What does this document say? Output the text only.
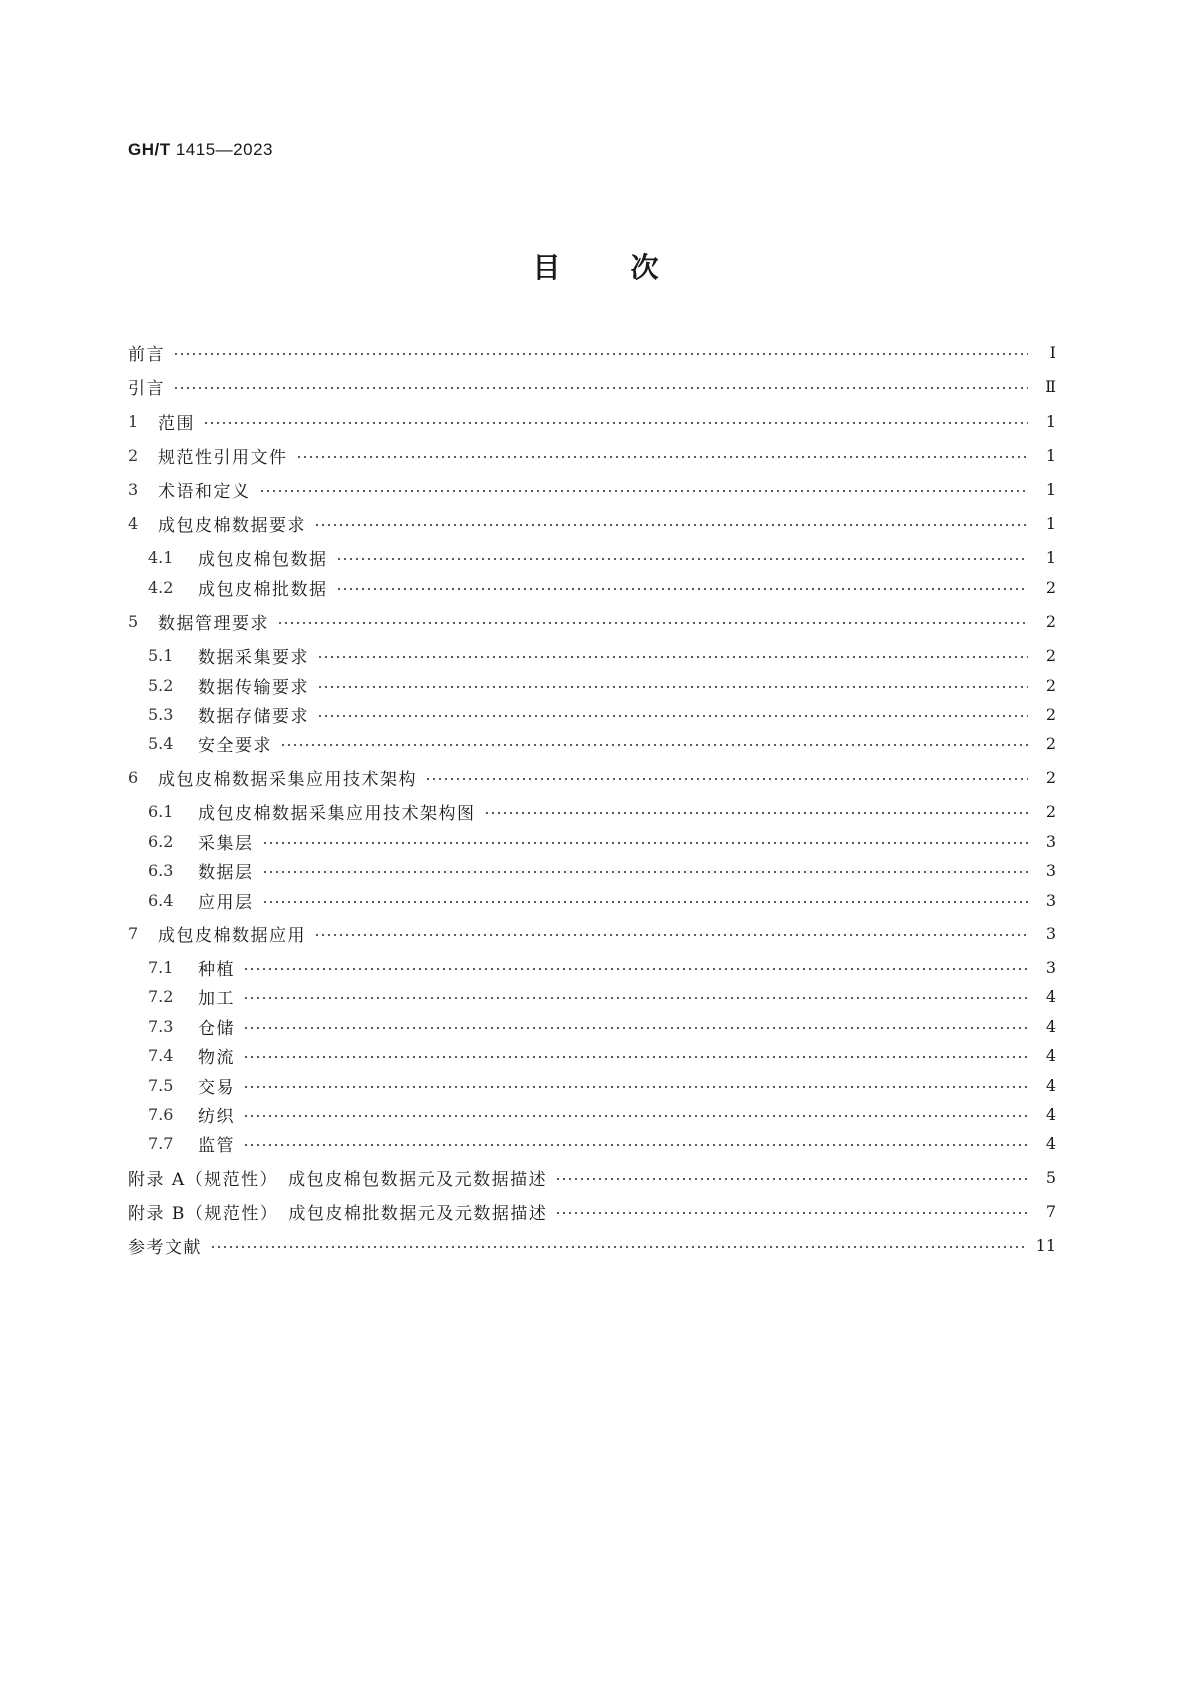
GH/T 1415—2023
目	次
前言	Ⅰ
引言	Ⅱ
1	范围	1
2	规范性引用文件	1
3	术语和定义	1
4	成包皮棉数据要求	1
4.1	成包皮棉包数据	1
4.2	成包皮棉批数据	2
5	数据管理要求	2
5.1	数据采集要求	2
5.2	数据传输要求	2
5.3	数据存储要求	2
5.4	安全要求	2
6	成包皮棉数据采集应用技术架构	2
6.1	成包皮棉数据采集应用技术架构图	2
6.2	采集层	3
6.3	数据层	3
6.4	应用层	3
7	成包皮棉数据应用	3
7.1	种植	3
7.2	加工	4
7.3	仓储	4
7.4	物流	4
7.5	交易	4
7.6	纺织	4
7.7	监管	4
附录 A（规范性）　成包皮棉包数据元及元数据描述	5
附录 B（规范性）　成包皮棉批数据元及元数据描述	7
参考文献	11
